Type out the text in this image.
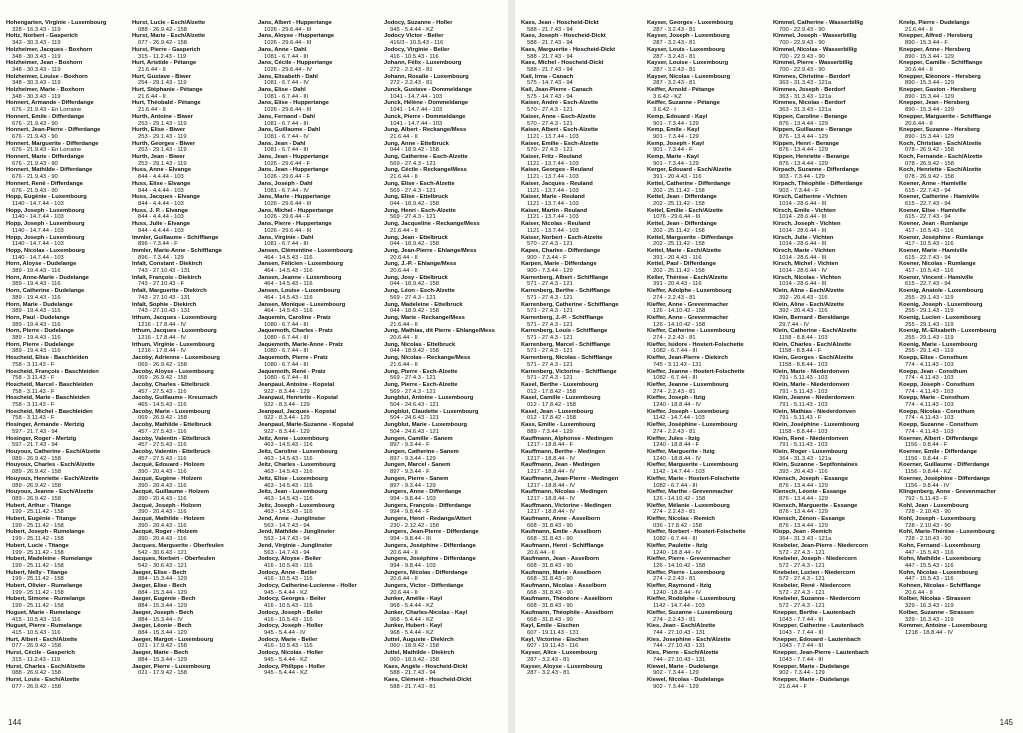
Hohengarten, Virginie - Luxembourg
328 - 16.3.43 - 119
Holtz, Norbert - Gasperich
343 - 30.3.43 - 119
Holzheimer, Jacques - Boxhorn
348 - 30.3.43 - 119
Holzheimer, Jean - Boxhorn
348 - 30.3.43 - 119
Holzheimer, Louise - Boxhorn
348 - 30.3.43 - 119
Holzheimer, Marie - Boxhorn
348 - 30.3.43 - 119
Honnert, Armande - Differdange
676 - 21.9.43 - En Lorraine
Honnert, Emile - Differdange
676 - 21.9.43 - 90
Honnert, Jean-Pierre - Differdange
676 - 21.9.43 - 90
Honnert, Marguerite - Differdange
676 - 21.9.43 - En Lorraine
Honnert, Marie - Differdange
676 - 21.9.43 - 90
Honnert, Mathilde - Differdange
676 - 21.9.43 - 90
Honnert, René - Differdange
676 - 21.9.43 - 90
Hopp, Eugénie - Luxembourg
1140 - 14.7.44 - 103
Hopp, Joseph - Luxembourg
1140 - 14.7.44 - 103
Hopp, Joseph - Luxembourg
1140 - 14.7.44 - 103
Hopp, Joseph - Luxembourg
1140 - 14.7.44 - 103
Hopp, Nicolas - Luxembourg
1140 - 14.7.44 - 103
Horn, Aloyse - Dudelange
389 - 19.4.43 - 116
Horn, Anne-Marie - Dudelange
389 - 19.4.43 - 116
Horn, Catherine - Dudelange
389 - 19.4.43 - 116
Horn, Marie - Dudelange
389 - 19.4.43 - 116
Horn, Paul - Dudelange
389 - 19.4.43 - 116
Horn, Pierre - Dudelange
389 - 19.4.43 - 116
Horn, Pierre - Dudelange
389 - 19.4.43 - 116
Hoscheid, Elise - Baschleiden
758 - 3.11.43 - F
Hoscheid, François - Baschleiden
758 - 3.11.43 - F
Hoscheid, Marcel - Baschleiden
758 - 3.11.43 - F
Hoscheid, Marie - Baschleiden
758 - 3.11.43 - F
Hoscheid, Michel - Baschleiden
758 - 3.11.43 - F
Hosinger, Armande - Mertzig
597 - 21.7.43 - 94
Hosinger, Roger - Mertzig
597 - 21.7.43 - 94
Houyoux, Catherine - Esch/Alzette
089 - 26.9.42 - 158
Houyoux, Charles - Esch/Alzette
089 - 26.9.42 - 158
Houyoux, Henriette - Esch/Alzette
089 - 26.9.42 - 158
Houyoux, Jeanne - Esch/Alzette
089 - 26.9.42 - 158
Hubert, Arthur - Titange
199 - 25.11.42 - 158
Hubert, Eugénie - Titange
199 - 25.11.42 - 158
Hubert, Joseph - Rumelange
199 - 25.11.42 - 158
Hubert, Lucie - Titange
199 - 25.11.42 - 158
Hubert, Madeleine - Rumelange
199 - 25.11.42 - 158
Hubert, Nelly - Titange
199 - 25.11.42 - 158
Hubert, Olivier - Rumelange
199 - 25.11.42 - 158
Hubert, Simone - Rumelange
199 - 25.11.42 - 158
Huguet, Marie - Rumelange
415 - 10.5.43 - 116
Huguet, Pierre - Rumelange
415 - 10.5.43 - 116
Hurt, Albert - Esch/Alzette
077 - 26.9.42 - 158
Hurst, Cécile - Gasperich
315 - 11.2.43 - 119
Hurst, Charles - Esch/Alzette
088 - 26.9.42 - 158
Hurst, Louis - Esch/Alzette
077 - 26.9.42 - 158
Hurst, Lucie - Esch/Alzette
088 - 26.9.42 - 158
Hurst, Marie - Esch/Alzette
077 - 26.9.42 - 158
Hurst, Pierre - Gasperich
315 - 11.2.43 - 119
Hurt, Aristide - Pétange
21.6.44 - II
Hurt, Gustave - Biwer
254 - 29.1.43 - 119
Hurt, Stéphanie - Pétange
21.6.44 - II
Hurt, Théobald - Pétange
21.6.44 - II
Hurth, Antoine - Biwer
253 - 29.1.43 - 119
Hurth, Elise - Biwer
253 - 29.1.43 - 119
Hurth, Georges - Biwer
253 - 29.1.43 - 119
Hurth, Jean - Biwer
253 - 29.1.43 - 119
Huss, Anne - Elvange
844 - 4.4.44 - 103
Huss, Elise - Elvange
844 - 4.4.44 - 103
Huss, Jacques - Elvange
844 - 4.4.44 - 103
Huss, J. P. - Elvange
844 - 4.4.44 - 103
Huss, Julie - Elvange
844 - 4.4.44 - 103
Immler, Guillaume - Schifflange
896 - 7.3.44 - F
Immler, Marie-Anne - Schifflange
896 - 7.3.44 - 129
Infalt, Constant - Diekirch
743 - 27.10.43 - 131
Infalt, François - Diekirch
743 - 27.10.43 - F
Infalt, Marguerite - Diekirch
743 - 27.10.43 - 131
Infalt, Sophie - Diekirch
743 - 27.10.43 - 131
Irthum, Jacques - Luxembourg
1216 - 17.8.44 - IV
Irthum, Jacques - Luxembourg
1216 - 17.8.44 - IV
Irthum, Virginie - Luxembourg
1216 - 17.8.44 - IV
Jacoby, Adrienne - Luxembourg
069 - 26.9.42 - 158
Jacoby, Aloyse - Luxembourg
069 - 26.9.42 - 158
Jacoby, Charles - Ettelbruck
457 - 27.5.43 - 116
Jacoby, Guillaume - Kreuznach
465 - 14.5.43 - 116
Jacoby, Marie - Luxembourg
069 - 26.9.42 - 158
Jacoby, Mathilde - Ettelbruck
457 - 27.5.43 - 116
Jacoby, Valentin - Ettelbruck
457 - 27.5.43 - 116
Jacoby, Valentin - Ettelbruck
457 - 27.5.43 - 116
Jacqué, Edouard - Holzem
390 - 20.4.43 - 116
Jacqué, Eugène - Holzem
390 - 20.4.43 - 116
Jacqué, Guillaume - Holzem
390 - 20.4.43 - 116
Jacqué, Joseph - Holzem
390 - 20.4.43 - 116
Jacqué, Mathilde - Holzem
390 - 20.4.43 - 116
Jacqué, Roger - Holzem
390 - 20.4.43 - 116
Jacques, Marguerite - Oberfeulen
542 - 30.6.43 - 121
Jacques, Norbert - Oberfeulen
542 - 30.6.43 - 121
Jaeger, Elise - Bech
884 - 15.3.44 - 129
Jaeger, Elise - Bech
884 - 15.3.44 - 129
Jaeger, Eugénie - Bech
884 - 15.3.44 - 129
Jaeger, Joseph - Bech
884 - 15.3.44 - IV
Jaeger, Léonie - Bech
884 - 15.3.44 - 129
Jaeger, Margot - Luxembourg
021 - 17.9.42 - 158
Jaeger, Marie - Bech
884 - 15.3.44 - 129
Jaeger, Pierre - Luxembourg
021 - 17.9.42 - 158
Jans, Albert - Huppertange
1026 - 29.6.44 - III
Jans, Aloyse - Huppertange
1026 - 29.6.44 - III
Jans, Anne - Dahl
1081 - 6.7.44 - III
Jans, Cécile - Huppertange
1026 - 29.6.44 - IV
Jans, Elisabeth - Dahl
1081 - 6.7.44 - IV
Jans, Elise - Dahl
1081 - 6.7.44 - III
Jans, Elise - Huppertange
1026 - 29.6.44 - III
Jans, Fernand - Dahl
1081 - 6.7.44 - III
Jans, Guillaume - Dahl
1081 - 6.7.44 - IV
Jans, Jean - Dahl
1081 - 6.7.44 - III
Jans, Jean - Huppertange
1026 - 29.6.44 - F
Jans, Jean - Huppertange
1026 - 29.6.44 - F
Jans, Joseph - Dahl
1081 - 6.7.44 - IV
Jans, Marie - Huppertange
1026 - 29.6.44 - III
Jans, Michel - Huppertange
1026 - 29.6.44 - F
Jans, Pierre - Huppertange
1026 - 29.6.44 - III
Jans, Virginie - Dahl
1081 - 6.7.44 - III
Jansen, Clémentine - Luxembourg
464 - 14.5.43 - 116
Jansen, Félicien - Luxembourg
464 - 14.5.43 - 116
Jansen, Jeanne - Luxembourg
464 - 14.5.43 - 116
Jansen, Louise - Luxembourg
464 - 14.5.43 - 116
Jansen, Monique - Luxembourg
464 - 14.5.43 - 116
Jaquemin, Caroline - Pratz
1080 - 6.7.44 - III
Jaquemoth, Charles - Pratz
1080 - 6.7.44 - III
Jaquemoth, Marie-Anne - Pratz
1080 - 6.7.44 - III
Jaquemoth, Pierre - Pratz
1080 - 6.7.44 - III
Jaquemoth, René - Pratz
1080 - 6.7.44 - III
Jeanpaul, Antoine - Kopstal
922 - 8.3.44 - 129
Jeanpaul, Henriette - Kopstal
922 - 8.3.44 - 129
Jeanpaul, Jacques - Kopstal
922 - 8.3.44 - 129
Jeanpaul, Marie-Suzanne - Kopstal
922 - 8.3.44 - 129
Jeitz, Anne - Luxembourg
463 - 14.5.43 - 116
Jeitz, Caroline - Luxembourg
463 - 14.5.43 - 116
Jeitz, Charles - Luxembourg
463 - 14.5.43 - 116
Jeitz, Elise - Luxembourg
463 - 14.5.43 - 116
Jeitz, Jean - Luxembourg
463 - 14.5.43 - 116
Jeitz, Joseph - Luxembourg
463 - 14.5.43 - 116
Jend, Anne - Junglinster
563 - 14.7.43 - 94
Jend, Mathilde - Junglinster
563 - 14.7.43 - 94
Jend, Virginie - Junglinster
563 - 14.7.43 - 94
Jodocy, Aloyse - Beiler
416 - 10.5.43 - 116
Jodocy, Anne - Beiler
416 - 10.5.43 - 116
Jodocy, Catherine-Lucienne - Holler
945 - 5.4.44 - KZ
Jodocy, Georges - Beiler
416 - 10.5.43 - 116
Jodocy, Joseph - Beiler
416 - 10.5.43 - 116
Jodocy, Joseph - Holler
945 - 5.4.44 - IV
Jodocy, Marie - Beiler
416 - 10.5.43 - 116
Jodocy, Nicolas - Holler
945 - 5.4.44 - KZ
Jodocy, Philippe - Holler
945 - 5.4.44 - KZ
Jodocy, Suzanne - Holler
945 - 5.4.44 - KZ
Jodocy Victor - Beiler
416/3 - 10.5.43 - 116
Jodocy, Virginie - Beiler
416 - 10.5.43 - 116
Johann, Félix - Luxembourg
272 - 2.2.43 - 81
Johann, Rosalie - Luxembourg
272 - 2.2.43 - 81
Junck, Gustave - Dommeldange
1041 - 14.7.44 - 103
Junck, Hélène - Dommeldange
1041 - 14.7.44 - 103
Junck, Pierre - Dommeldange
1041 - 14.7.44 - 103
Jung, Albert - Reckange/Mess
21.6.44 - II
Jung, Anne - Ettelbruck
044 - 18.9.42 - 158
Jung, Catherine - Esch-Alzette
569 - 27.4.3 - 121
Jung, Cécile - Reckange/Mess
21.6.44 - II
Jung, Elise - Esch-Alzette
569 - 27.4.3 - 121
Jung, Elise - Ettelbruck
044 - 18.9.42 - 158
Jung, Henri - Esch-Alzette
569 - 27.4.3 - 121
Jung, Jacqueline - Reckange/Mess
21.6.44 - II
Jung, Jean - Ettelbruck
044 - 18.9.42 - 158
Jung, Jean-Pierre - Ehlange/Mess
20.6.44 - II
Jung, J.-P. - Ehlange/Mess
20.6.44 - II
Jung, Josy - Ettelbruck
044 - 18.9.42 - 158
Jung, Léon - Esch-Alzette
569 - 27.4.3 - 121
Jung, Madeleine - Ettelbruck
044 - 18.9.42 - 158
Jung, Marie - Reckange/Mess
21.6.44 - II
Jung, Mathias, dit Pierre - Ehlange/Mess
20.6.44 - II
Jung, Nicolas - Ettelbruck
044 - 18.9.42 - 158
Jung, Nicolas - Reckange/Mess
21.6.44 - II
Jung, Pierre - Esch-Alzette
569 - 27.4.3 - 121
Jung, Pierre - Esch-Alzette
569 - 27.4.3 - 121
Jungblut, Antoine - Luxembourg
504 - 24.6.43 - 121
Jungblut, Claudette - Luxembourg
504 - 24.6.43 - 121
Jungblut, Marie - Luxembourg
504 - 24.6.43 - 121
Jungen, Camille - Sanem
897 - 9.3.44 - F
Jungen, Catherine - Sanem
897 - 9.3.44 - 129
Jungen, Marcel - Sanem
897 - 9.3.44 - F
Jungen, Pierre - Sanem
897 - 9.3.44 - 129
Jungers, Anne - Differdange
994 - 9.8.44 - 103
Jungers, François - Differdange
994 - 9.8.44 - F
Jungers, Henri - Redange/Attert
230 - 2.12.42 - 158
Jungers, Jean-Pierre - Differdange
994 - 9.8.44 - III
Jungers, Joséphine - Differdange
20.6.44 - II
Jungers, Joséphine - Differdange
994 - 9.8.44 - 103
Jungers, Nicolas - Differdange
20.6.44 - II
Jungers, Victor - Differdange
20.6.44 - II
Junker, Amélie - Kayl
968 - 5.4.44 - KZ
Junker, Charles-Nicolas - Kayl
968 - 5.4.44 - KZ
Junker, Hubert - Kayl
968 - 5.4.44 - KZ
Juttel, Auguste - Diekirch
060 - 18.9.42 - 158
Juttel, Mathilde - Diekirch
060 - 18.9.42 - 158
Kaes, Angèle - Hoscheid-Dickt
588 - 21.7.43 - 94
Kaes, Clément - Hoscheid-Dickt
588 - 21.7.43 - 81
144
Kaes, Jean - Hoscheid-Dickt
588 - 21.7.43 - 94
Kaes, Joseph - Hoscheid-Dickt
588 - 21.7.43 - 94
Kaes, Marguerite - Hoscheid-Dickt
588 - 21.7.43 - 94
Kaes, Michel - Hoscheid-Dickt
588 - 21.7.43 - 94
Kail, Irma - Canach
575 - 14.7.43 - 94
Kail, Jean-Pierre - Canach
575 - 14.7.43 - 94
Kaiser, André - Esch-Alzette
570 - 27.4.3 - 121
Kaiser, Anne - Esch-Alzette
570 - 27.4.3 - 121
Kaiser, Albert - Esch-Alzette
1121 - 13.7.44 - 103
Kaiser, Emilie - Esch-Alzette
570 - 27.4.3 - 121
Kaiser, Fritz - Reuland
1121 - 13.7.44 - 103
Kaiser, Georges - Reuland
1121 - 13.7.44 - 103
Kaiser, Jacques - Reuland
1121 - 13.7.44 - 103
Kaiser, Marie - Reuland
1121 - 13.7.44 - 103
Kaiser, Martin - Reuland
1121 - 13.7.44 - 103
Kaiser, Nicolas - Reuland
1121 - 13.7.44 - 103
Kaiser, Norbert - Esch-Alzette
570 - 27.4.3 - 121
Kapes, Charles - Differdange
900 - 7.3.44 - F
Karpen, Marie - Differdange
900 - 7.3.44 - 129
Karrenberg, Albert - Schifflange
571 - 27.4.3 - 121
Karrenberg, Berthe - Schifflange
571 - 27.4.3 - 121
Karrenberg, Catherine - Schifflange
571 - 27.4.3 - 121
Karrenberg, J.-P. - Schifflange
571 - 27.4.3 - 121
Karrenberg, Louis - Schifflange
571 - 27.4.3 - 121
Karrenberg, Marcel - Schifflange
571 - 27.4.3 - 121
Karrenberg, Nicolas - Schifflange
571 - 27.4.3 - 121
Karrenberg, Victorine - Schifflange
571 - 27.4.3 - 121
Kasel, Berthe - Luxembourg
012 - 17.8.42 - 158
Kasel, Camille - Luxembourg
012 - 17.8.42 - 158
Kasel, Jean - Luxembourg
012 - 17.8.42 - 158
Kass, Emilie - Luxembourg
889 - 7.3.44 - 129
Kauffmann, Alphonse - Medingen
1217 - 18.8.44 - F
Kauffmann, Berthe - Medingen
1217 - 18.8.44 - IV
Kauffmann, Jean - Medingen
1217 - 18.8.44 - IV
Kauffmann, Jean-Pierre - Medingen
1217 - 18.8.44 - IV
Kauffmann, Nicolas - Medingen
1217 - 18.8.44 - IV
Kauffmann, Victorine - Medingen
1217 - 18.8.44 - IV
Kaufmann, Anne - Asselborn
668 - 31.8.43 - 90
Kaufmann, Emile - Asselborn
668 - 31.8.43 - 90
Kaufmann, Henri - Schifflange
20.6.44 - II
Kaufmann, Jean - Asselborn
668 - 31.8.43 - 90
Kaufmann, Marie - Asselborn
668 - 31.8.43 - 90
Kaufmann, Nicolas - Asselborn
668 - 31.8.43 - 90
Kaufmann, Théodore - Asselborn
668 - 31.8.43 - 90
Kaufmann, Théophile - Asselborn
668 - 31.8.43 - 90
Kayl, Emile - Eischen
607 - 19.11.43 - 131
Kayl, Victorine - Eischen
607 - 19.11.43 - 116
Kayser, Alice - Luxembourg
287 - 3.2.43 - 81
Kayser, Aloyse - Luxembourg
287 - 3.2.43 - 81
Kayser, Georges - Luxembourg
287 - 3.2.43 - 81
Kayser, Joseph - Luxembourg
287 - 3.2.43 - 81
Kayser, Louis - Luxembourg
287 - 3.2.43 - 81
Kayser, Louise - Luxembourg
287 - 3.2.43 - 81
Kayser, Nicolas - Luxembourg
287 - 3.2.43 - 81
Keiffer, Arnold - Pétange
3.6.42 - KZ
Keiffer, Suzanne - Pétange
3.6.42 - I
Kemp, Edouard - Kayl
901 - 7.3.44 - 129
Kemp, Emile - Kayl
901 - 7.3.44 - 129
Kemp, Joseph - Kayl
901 - 7.3.44 - F
Kemp, Marie - Kayl
901 - 7.3.44 - 129
Kerger, Edouard - Esch/Alzette
391 - 20.4.43 - 116
Kettel, Catherine - Differdange
202 - 25.11.42 - 158
Kettel, Jean - Differdange
202 - 25.11.42 - 158
Kettel, Emilie - Esch/Alzette
1076 - 29.6.44 - III
Kettel, Jean - Differdange
202 - 25.11.42 - 158
Kettel, Marguerite - Differdange
202 - 25.11.42 - 158
Kettel, Marie - Esch/Alzette
391 - 20.4.43 - 116
Kettel, Paul - Differdange
202 - 25.11.42 - 158
Keller, Thérèse - Esch/Alzette
391 - 20.4.43 - 116
Kieffer, Adolphe - Luxembourg
274 - 2.2.43 - 81
Kieffer, Anne - Grevenmacher
126 - 14.10.42 - 158
Kieffer, Anne - Grevenmacher
126 - 14.10.42 - 158
Kieffer, Catherine - Luxembourg
274 - 2.2.43 - 81
Kieffer, Isidore - Hostert-Folschette
1082 - 6.7.44 - III
Kieffer, Jean-Pierre - Diekirch
745 - 3.11.43 - 131
Kieffer, Jeanne - Hostert-Folschette
1082 - 6.7.44 - III
Kieffer, Jeanne - Luxembourg
274 - 2.2.43 - 81
Kieffer, Joseph - Itzig
1240 - 18.8.44 - IV
Kieffer, Joseph - Luxembourg
1142 - 14.7.44 - 103
Kieffer, Joséphine - Luxembourg
274 - 2.2.43 - 81
Kieffer, Jules - Itzig
1240 - 18.8.44 - F
Kieffer, Marguerite - Itzig
1240 - 18.8.44 - IV
Kieffer, Marguerite - Luxembourg
1142 - 14.7.44 - 103
Kieffer, Marie - Hostert-Folschette
1082 - 6.7.44 - III
Kieffer, Marthe - Grevenmacher
126 - 14.10.42 - 158
Kieffer, Mélanie - Luxembourg
274 - 2.2.43 - 81
Kieffer, Nicolas - Remich
036 - 17.8.42 - 158
Kieffer, Norbert - Hostert-Folschette
1082 - 6.7.44 - III
Kieffer, Paulette - Itzig
1240 - 18.8.44 - IV
Kieffer, Pierre - Grevenmacher
126 - 14.10.42 - 158
Kieffer, Pierre - Luxembourg
274 - 2.2.43 - 81
Kieffer, Raymond - Itzig
1240 - 18.8.44 - IV
Kieffer, Rodolphe - Luxembourg
1142 - 14.7.44 - 103
Kieffer, Suzanne - Luxembourg
274 - 2.2.43 - 81
Kies, Jean - Esch/Alzette
744 - 27.10.43 - 131
Kies, Josephine - Esch/Alzette
744 - 27.10.43 - 131
Kies, Pierre - Esch/Alzette
744 - 27.10.43 - 131
Kiewel, Marie - Dudelange
902 - 7.3.44 - 129
Kiewel, Nicolas - Dudelange
902 - 7.3.44 - 129
Kimmel, Catherine - Wasserbillig
700 - 22.9.43 - 90
Kimmel, Joseph - Wasserbillig
700 - 22.9.43 - 90
Kimmel, Nicolas - Wasserbillig
700 - 22.9.43 - 90
Kimmel, Pierre - Wasserbillig
700 - 22.9.43 - 90
Kimmes, Christine - Berdorf
363 - 31.3.43 - 121a
Kimmes, Joseph - Berdorf
363 - 31.3.43 - 121a
Kimmes, Nicolas - Berdorf
363 - 31.3.43 - 121a
Kippen, Caroline - Berange
876 - 13.4.44 - 129
Kippen, Guillaume - Berange
876 - 13.4.44 - 129
Kippen, Henri - Berange
876 - 13.4.44 - 129
Kippen, Henriette - Berange
876 - 13.4.44 - 129
Kirpach, Suzanne - Differdange
903 - 7.3.44 - 129
Kirpach, Théophile - Differdange
903 - 7.3.44 - F
Kirsch, Catherine - Vichten
1014 - 28.6.44 - III
Kirsch, Emile - Vichten
1014 - 28.6.44 - III
Kirsch, Joseph - Vichten
1014 - 28.6.44 - III
Kirsch, Julie - Vichten
1014 - 28.6.44 - III
Kirsch, Marie - Vichten
1014 - 28.6.44 - III
Kirsch, Michel - Vichten
1014 - 28.6.44 - IV
Kirsch, Nicolas - Vichten
1014 - 28.6.44 - III
Klein, Aline - Esch/Alzette
392 - 20.4.43 - 116
Klein, Aline - Esch/Alzette
392 - 20.4.43 - 116
Klein, Bernard - Bereldange
29.7.44 - IV
Klein, Catherine - Esch/Alzette
1158 - 8.8.44 - 103
Klein, Charles - Esch/Alzette
1158 - 8.8.44 - F
Klein, Georges - Esch/Alzette
1158 - 8.8.44 - 103
Klein, Marie - Niederdonven
791 - 5.11.43 - 103
Klein, Marie - Niederdonven
791 - 5.11.43 - 103
Klein, Jeanne - Niederdonven
791 - 5.11.43 - 103
Klein, Mathias - Niederdonven
791 - 5.11.43 - F
Klein, Joséphine - Luxembourg
1158 - 8.8.44 - 103
Klein, René - Niederdonven
791 - 5.11.43 - 103
Klein, Roger - Luxembourg
364 - 31.3.43 - 121a
Klein, Suzanne - Septfontaines
393 - 20.4.43 - 116
Klensch, Joseph - Essange
876 - 13.4.44 - 129
Klensch, Léonie - Essange
876 - 13.4.44 - 129
Klensch, Marguerite - Essange
876 - 13.4.44 - 129
Klensch, Zénon - Essange
876 - 13.4.44 - 129
Klopp, Jean - Remich
364 - 31.3.43 - 121a
Knebeler, Jean-Pierre - Niedercorn
572 - 27.4.3 - 121
Knebeler, Joseph - Niedercorn
572 - 27.4.3 - 121
Knebeler, Lucien - Niedercorn
572 - 27.4.3 - 121
Knebeler, René - Niedercorn
572 - 27.4.3 - 121
Knebeler, Suzanne - Niedercorn
572 - 27.4.3 - 121
Knepper, Berthe - Lautenbach
1043 - 7.7.44 - III
Knepper, Catherine - Lautenbach
1043 - 7.7.44 - III
Knepper, Edouard - Lautenbach
1043 - 7.7.44 - III
Knepper, Jean-Pierre - Lautenbach
1043 - 7.7.44 - III
Knepper, Marie - Dudelange
902 - 7.3.44 - 129
Knepper, Marie - Dudelange
21.6.44 - F
Knelp, Pierre - Dudelange
21.6.44 - II
Knepper, Alfred - Hersberg
890 - 15.3.44 - F
Knepper, Anne - Hersberg
890 - 15.3.44 - 129
Knepper, Camille - Schifflange
20.6.44 - II
Knepper, Eléonore - Hersberg
890 - 15.3.44 - 129
Knepper, Gaston - Hersberg
890 - 15.3.44 - 129
Knepper, Jean - Hersberg
890 - 15.3.44 - 129
Knepper, Marguerite - Schifflange
20.6.44 - II
Knepper, Suzanne - Hersberg
890 - 15.3.44 - 129
Koch, Christian - Esch/Alzette
078 - 26.9.42 - 158
Koch, Fernande - Esch/Alzette
078 - 26.9.42 - 158
Koch, Henriette - Esch/Alzette
078 - 26.9.42 - 158
Koener, Anne - Hamiville
615 - 22.7.43 - 94
Koener, Catherine - Hamiville
615 - 22.7.43 - 94
Koener, Elise - Hamiville
615 - 22.7.43 - 94
Koener, Jean - Rumlange
417 - 10.5.43 - 116
Koener, Joséphine - Rumlange
417 - 10.5.43 - 116
Koener, Marie - Hamiville
615 - 22.7.43 - 94
Koener, Nicolas - Rumlange
417 - 10.5.43 - 116
Koener, Vincent - Hamiville
615 - 22.7.43 - 94
Koenig, Anatole - Luxembourg
255 - 29.1.43 - 119
Koenig, Joseph - Luxembourg
255 - 29.1.43 - 119
Koenig, Lucien - Luxembourg
255 - 29.1.43 - 119
Koenig, M.-Elisabeth - Luxembourg
255 - 29.1.43 - 119
Koenig, Marie - Luxembourg
255 - 29.1.43 - 119
Koepp, Elise - Consthum
774 - 4.11.43 - 103
Koepp, Jean - Consthum
774 - 4.11.43 - 103
Koepp, Joseph - Consthum
774 - 4.11.43 - 103
Koepp, Marie - Consthum
774 - 4.11.43 - 103
Koepp, Nicolas - Consthum
774 - 4.11.43 - 103
Koepp, Suzanne - Consthum
774 - 4.11.43 - 103
Koerner, Albert - Differdange
1156 - 9.8.44 - F
Koerner, Emile - Differdange
1156 - 9.8.44 - F
Koerner, Guillaume - Differdange
1156 - 9.8.44 - KZ
Koerner, Joséphine - Differdange
1156 - 9.8.44 - IV
Klingenberg, Anne - Grevenmacher
792 - 5.11.43 - F
Kohl, Jean - Luxembourg
728 - 2.10.43 - 90
Kohl, Joseph - Luxembourg
728 - 2.10.43 - 90
Kohl, Marie-Thérèse - Luxembourg
728 - 2.10.43 - 90
Kohn, Fernand - Luxembourg
447 - 15.5.43 - 116
Kohn, Mathilde - Luxembourg
447 - 15.5.43 - 116
Kohn, Nicolas - Luxembourg
447 - 15.5.43 - 116
Kohnen, Nicolas - Schifflange
20.6.44 - II
Kolber, Nicolas - Strassen
329 - 16.3.43 - 119
Kolber, Suzanne - Strassen
329 - 16.3.43 - 119
Kommer, Antoine - Luxembourg
1218 - 18.8.44 - IV
145
